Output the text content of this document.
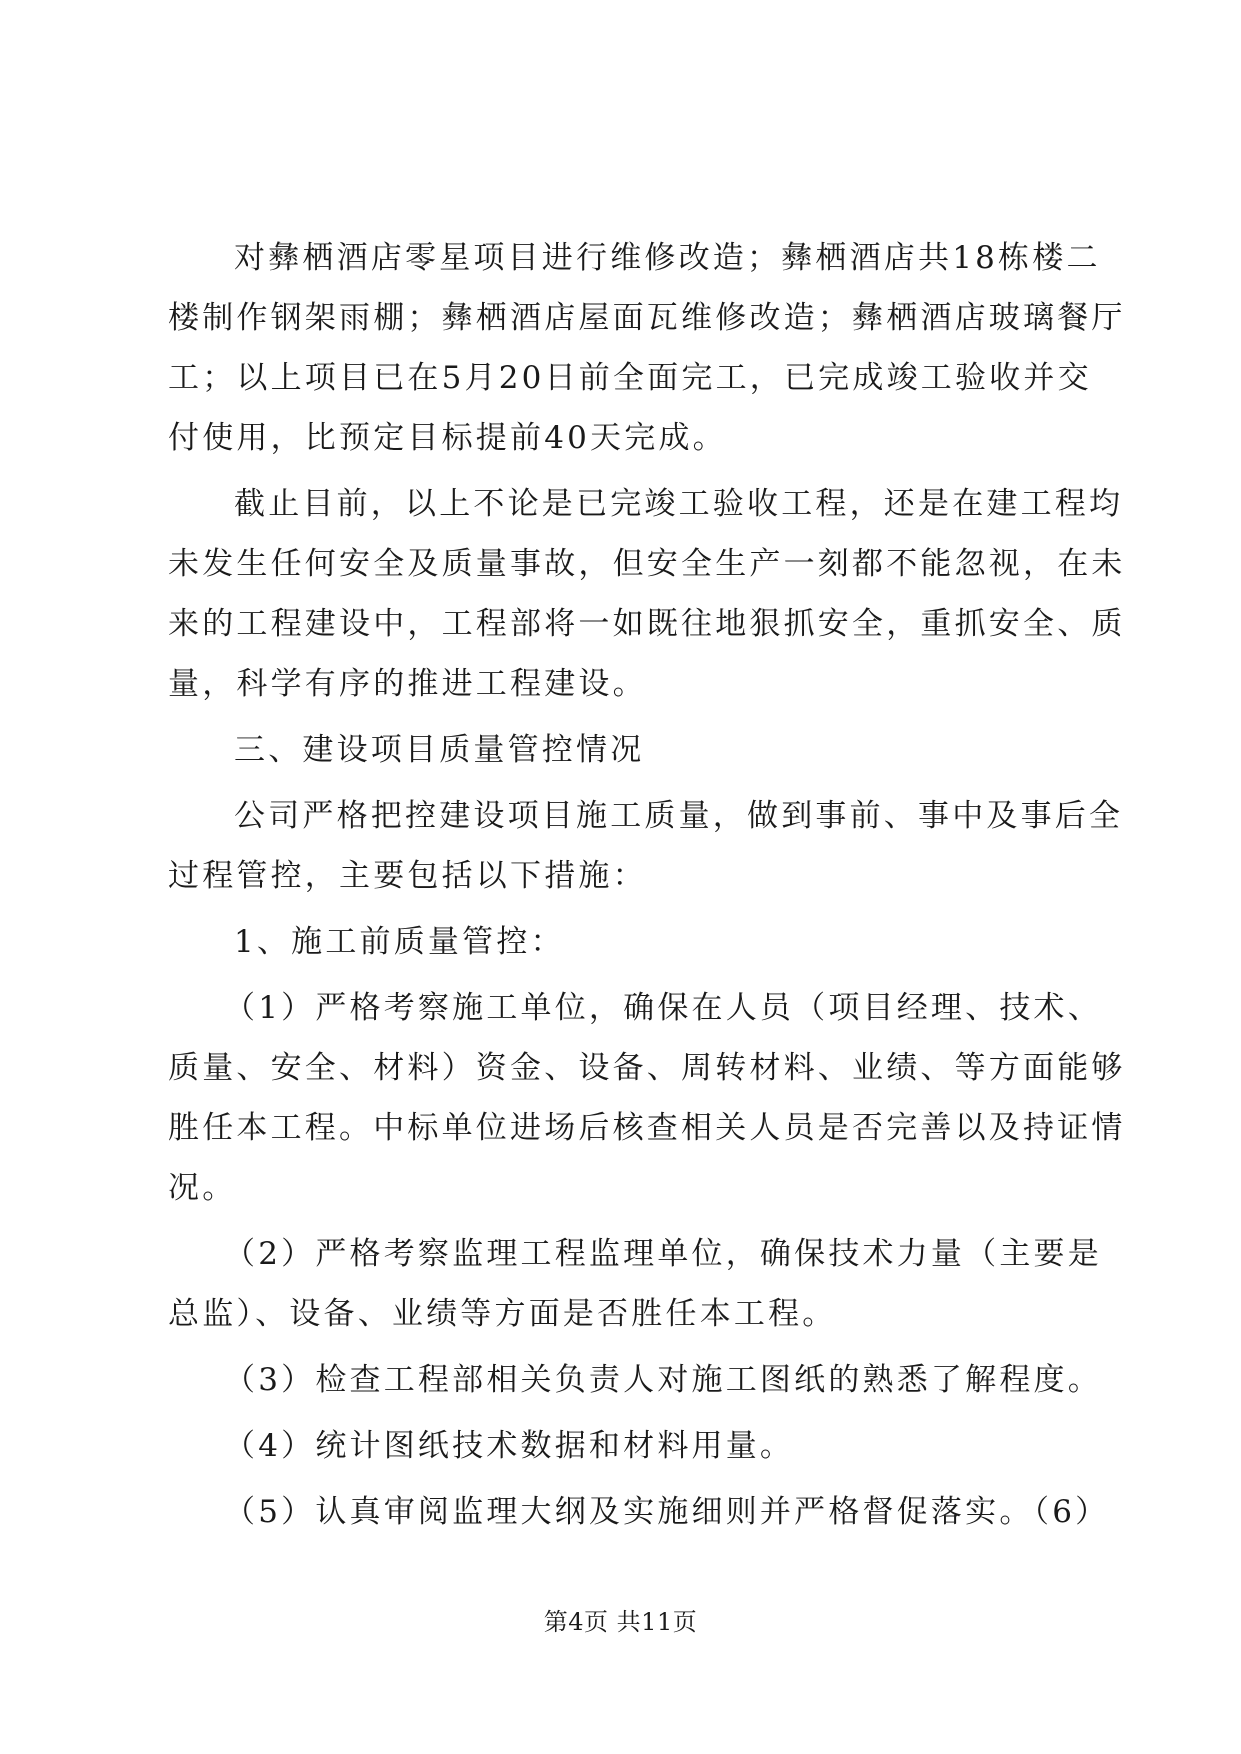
对彝栖酒店零星项目进行维修改造；彝栖酒店共18栋楼二
楼制作钢架雨棚；彝栖酒店屋面瓦维修改造；彝栖酒店玻璃餐厅
工；以上项目已在5月20日前全面完工，已完成竣工验收并交
付使用，比预定目标提前40天完成。
截止目前，以上不论是已完竣工验收工程，还是在建工程均
未发生任何安全及质量事故，但安全生产一刻都不能忽视，在未
来的工程建设中，工程部将一如既往地狠抓安全，重抓安全、质
量，科学有序的推进工程建设。
三、建设项目质量管控情况
公司严格把控建设项目施工质量，做到事前、事中及事后全
过程管控，主要包括以下措施：
1、施工前质量管控：
（1）严格考察施工单位，确保在人员（项目经理、技术、
质量、安全、材料）资金、设备、周转材料、业绩、等方面能够
胜任本工程。中标单位进场后核查相关人员是否完善以及持证情
况。
（2）严格考察监理工程监理单位，确保技术力量（主要是
总监）、设备、业绩等方面是否胜任本工程。
（3）检查工程部相关负责人对施工图纸的熟悉了解程度。
（4）统计图纸技术数据和材料用量。
（5）认真审阅监理大纲及实施细则并严格督促落实。（6）
第4页 共11页
